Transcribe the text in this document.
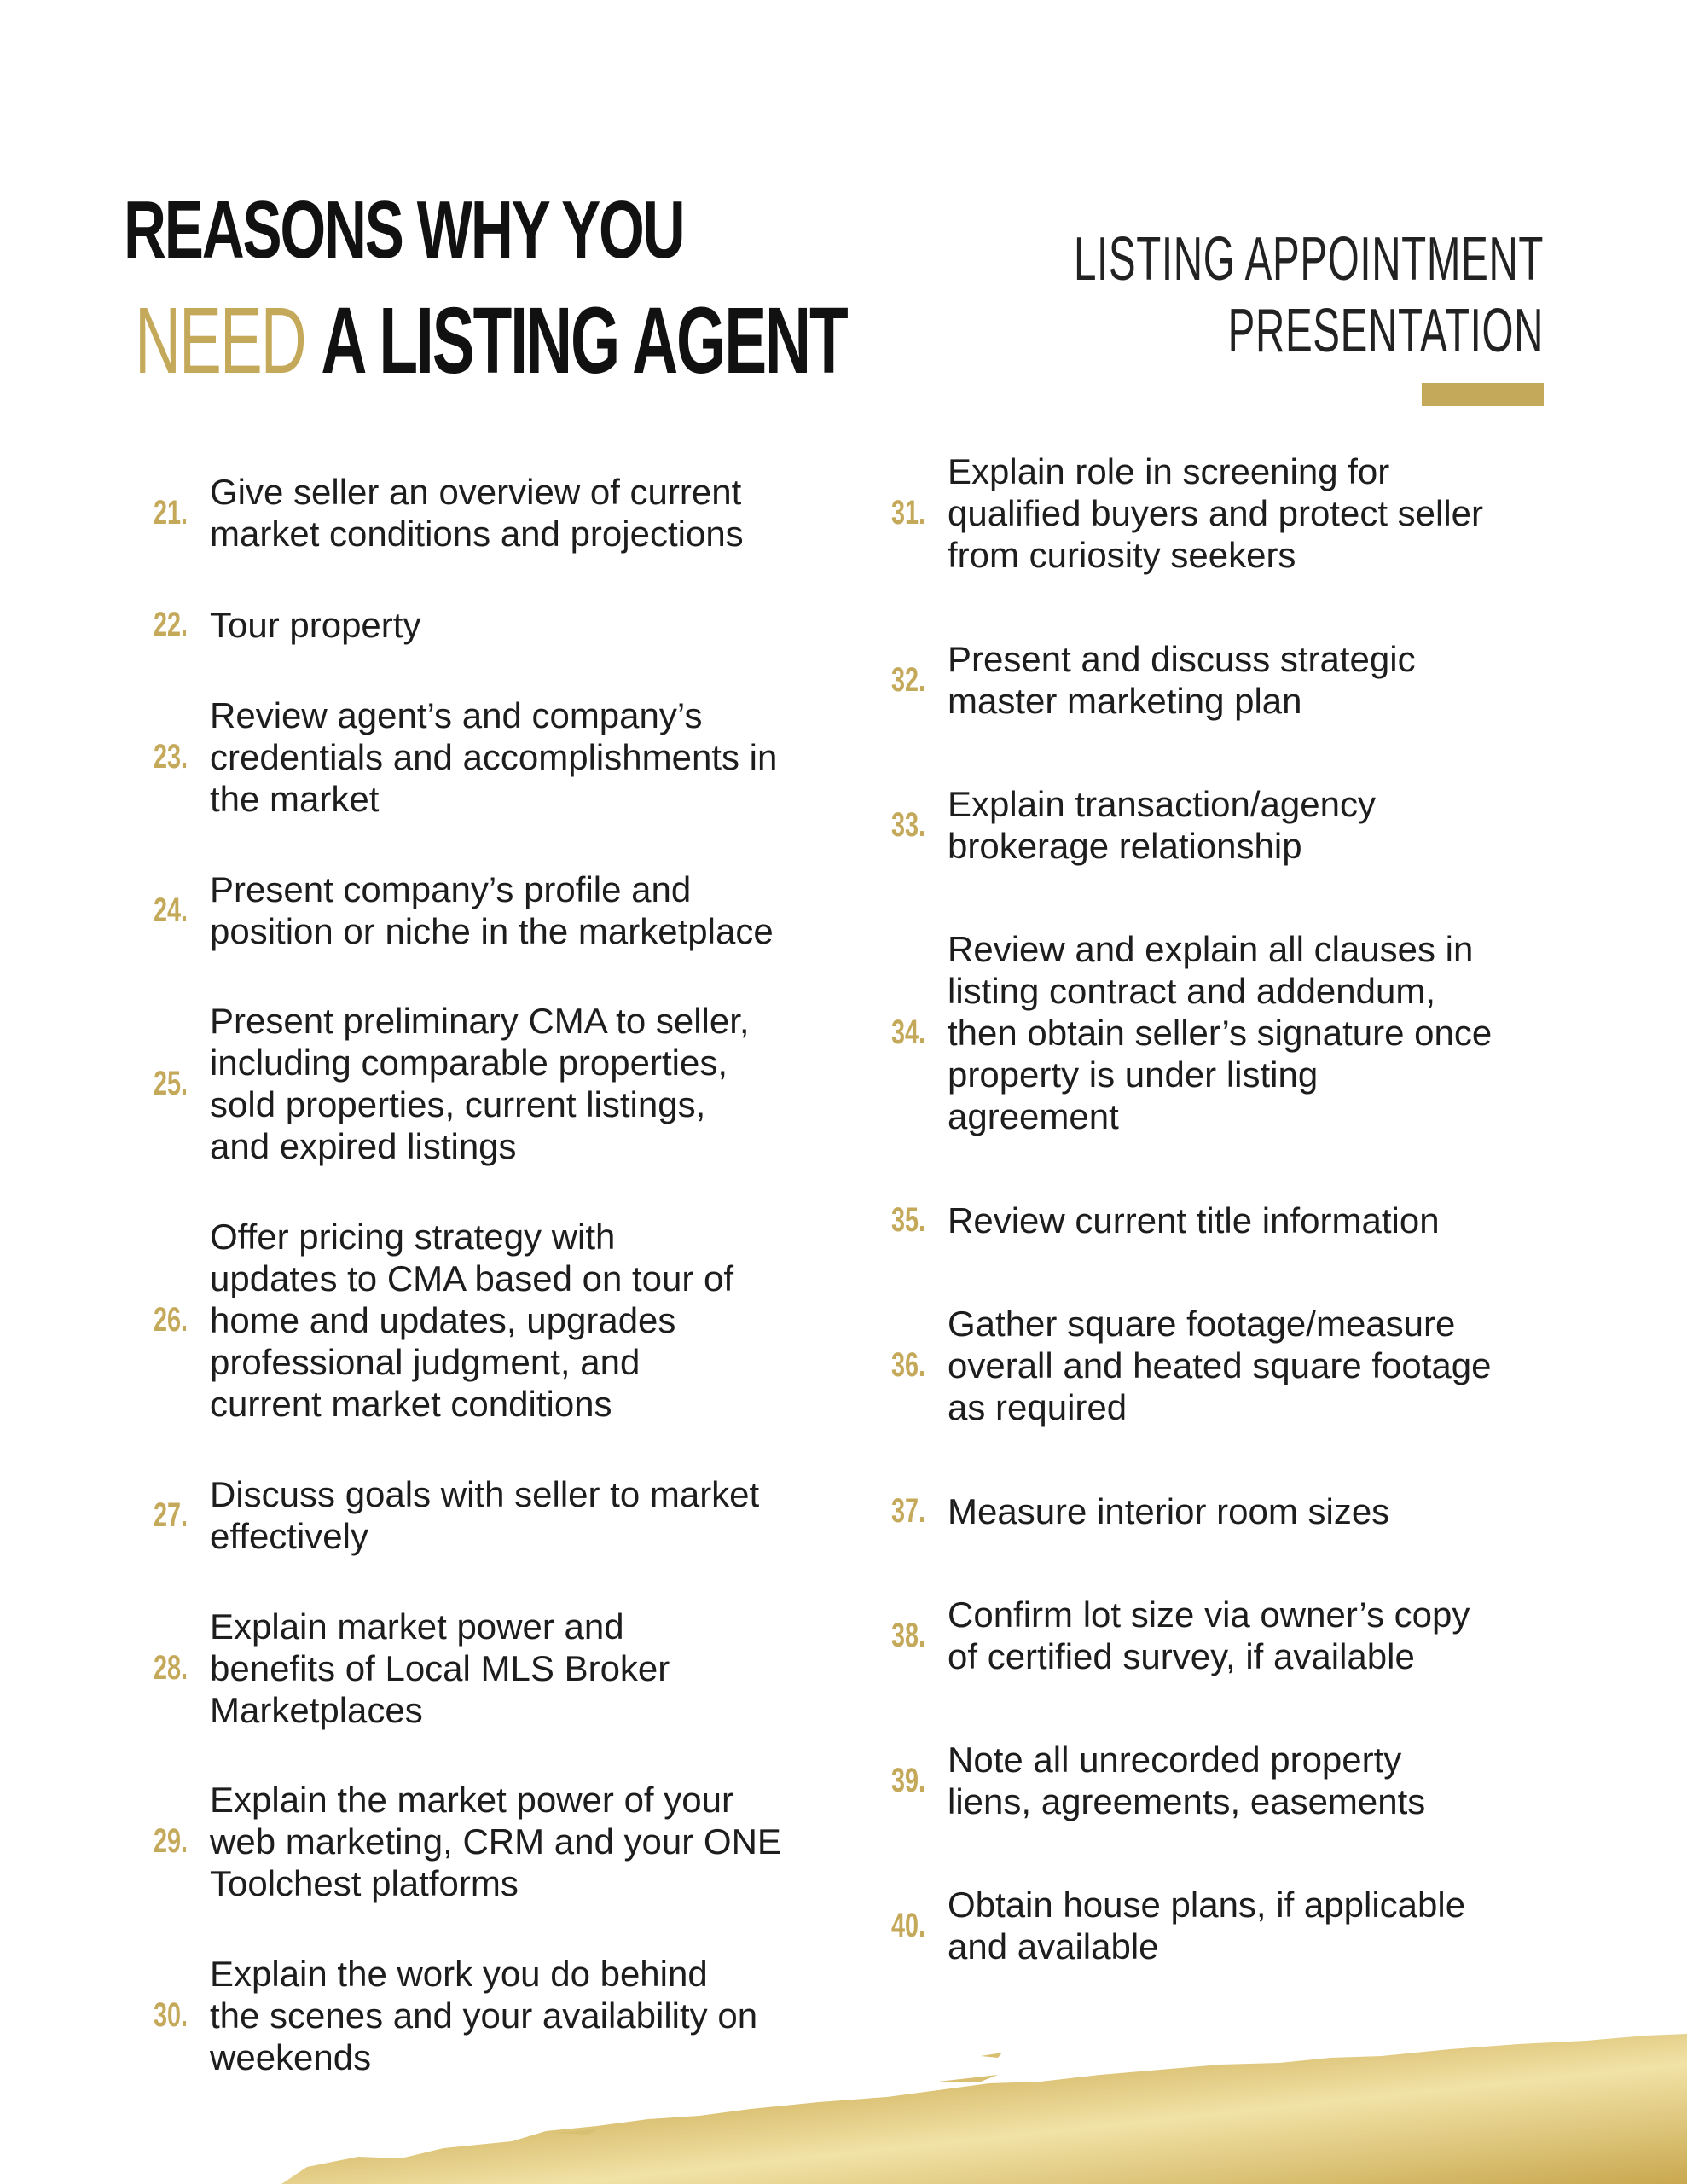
REASONS WHY YOU
NEED A LISTING AGENT
LISTING APPOINTMENT
PRESENTATION
21.
Give seller an overview of current
market conditions and projections
22. Tour property
23.
Review agent’s and company’s
credentials and accomplishments in
the market
24.
Present company’s profile and
position or niche in the marketplace
25.
Present preliminary CMA to seller,
including comparable properties,
sold properties, current listings,
and expired listings
26.
Offer pricing strategy with
updates to CMA based on tour of
home and updates, upgrades
professional judgment, and
current market conditions
27.
Discuss goals with seller to market
effectively
28.
Explain market power and
benefits of Local MLS Broker
Marketplaces
29.
Explain the market power of your
web marketing, CRM and your ONE
Toolchest platforms
30.
Explain the work you do behind
the scenes and your availability on
weekends
31.
Explain role in screening for
qualified buyers and protect seller
from curiosity seekers
32.
Present and discuss strategic
master marketing plan
33.
Explain transaction/agency
brokerage relationship
34.
Review and explain all clauses in
listing contract and addendum,
then obtain seller’s signature once
property is under listing
agreement
35. Review current title information
36.
Gather square footage/measure
overall and heated square footage
as required
37. Measure interior room sizes
38.
Confirm lot size via owner’s copy
of certified survey, if available
39.
Note all unrecorded property
liens, agreements, easements
40.
Obtain house plans, if applicable
and available
